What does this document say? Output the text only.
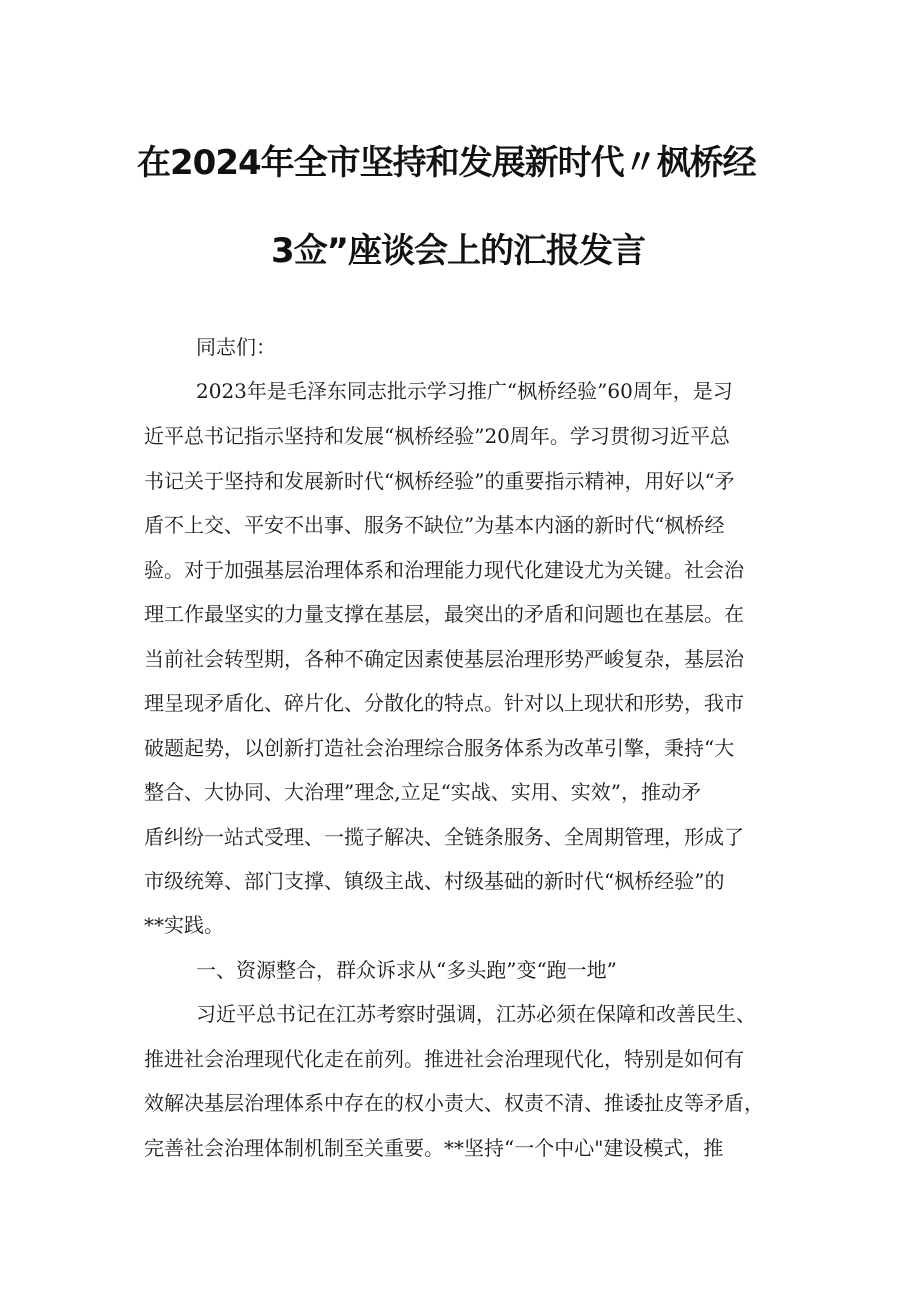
在2024年全市坚持和发展新时代〃枫桥经
3佥”座谈会上的汇报发言
同志们：
2023年是毛泽东同志批示学习推广“枫桥经验”60周年，是习
近平总书记指示坚持和发展“枫桥经验”20周年。学习贯彻习近平总
书记关于坚持和发展新时代“枫桥经验”的重要指示精神，用好以“矛
盾不上交、平安不出事、服务不缺位”为基本内涵的新时代“枫桥经
验。对于加强基层治理体系和治理能力现代化建设尤为关键。社会治
理工作最坚实的力量支撑在基层，最突出的矛盾和问题也在基层。在
当前社会转型期，各种不确定因素使基层治理形势严峻复杂，基层治
理呈现矛盾化、碎片化、分散化的特点。针对以上现状和形势，我市
破题起势，以创新打造社会治理综合服务体系为改革引擎，秉持“大
整合、大协同、大治理”理念,立足“实战、实用、实效”，推动矛
盾纠纷一站式受理、一揽子解决、全链条服务、全周期管理，形成了
市级统筹、部门支撑、镇级主战、村级基础的新时代“枫桥经验”的
**实践。
一、资源整合，群众诉求从“多头跑”变“跑一地”
习近平总书记在江苏考察时强调，江苏必须在保障和改善民生、
推进社会治理现代化走在前列。推进社会治理现代化，特别是如何有
效解决基层治理体系中存在的权小责大、权责不清、推诿扯皮等矛盾，
完善社会治理体制机制至关重要。**坚持“一个中心"建设模式，推
